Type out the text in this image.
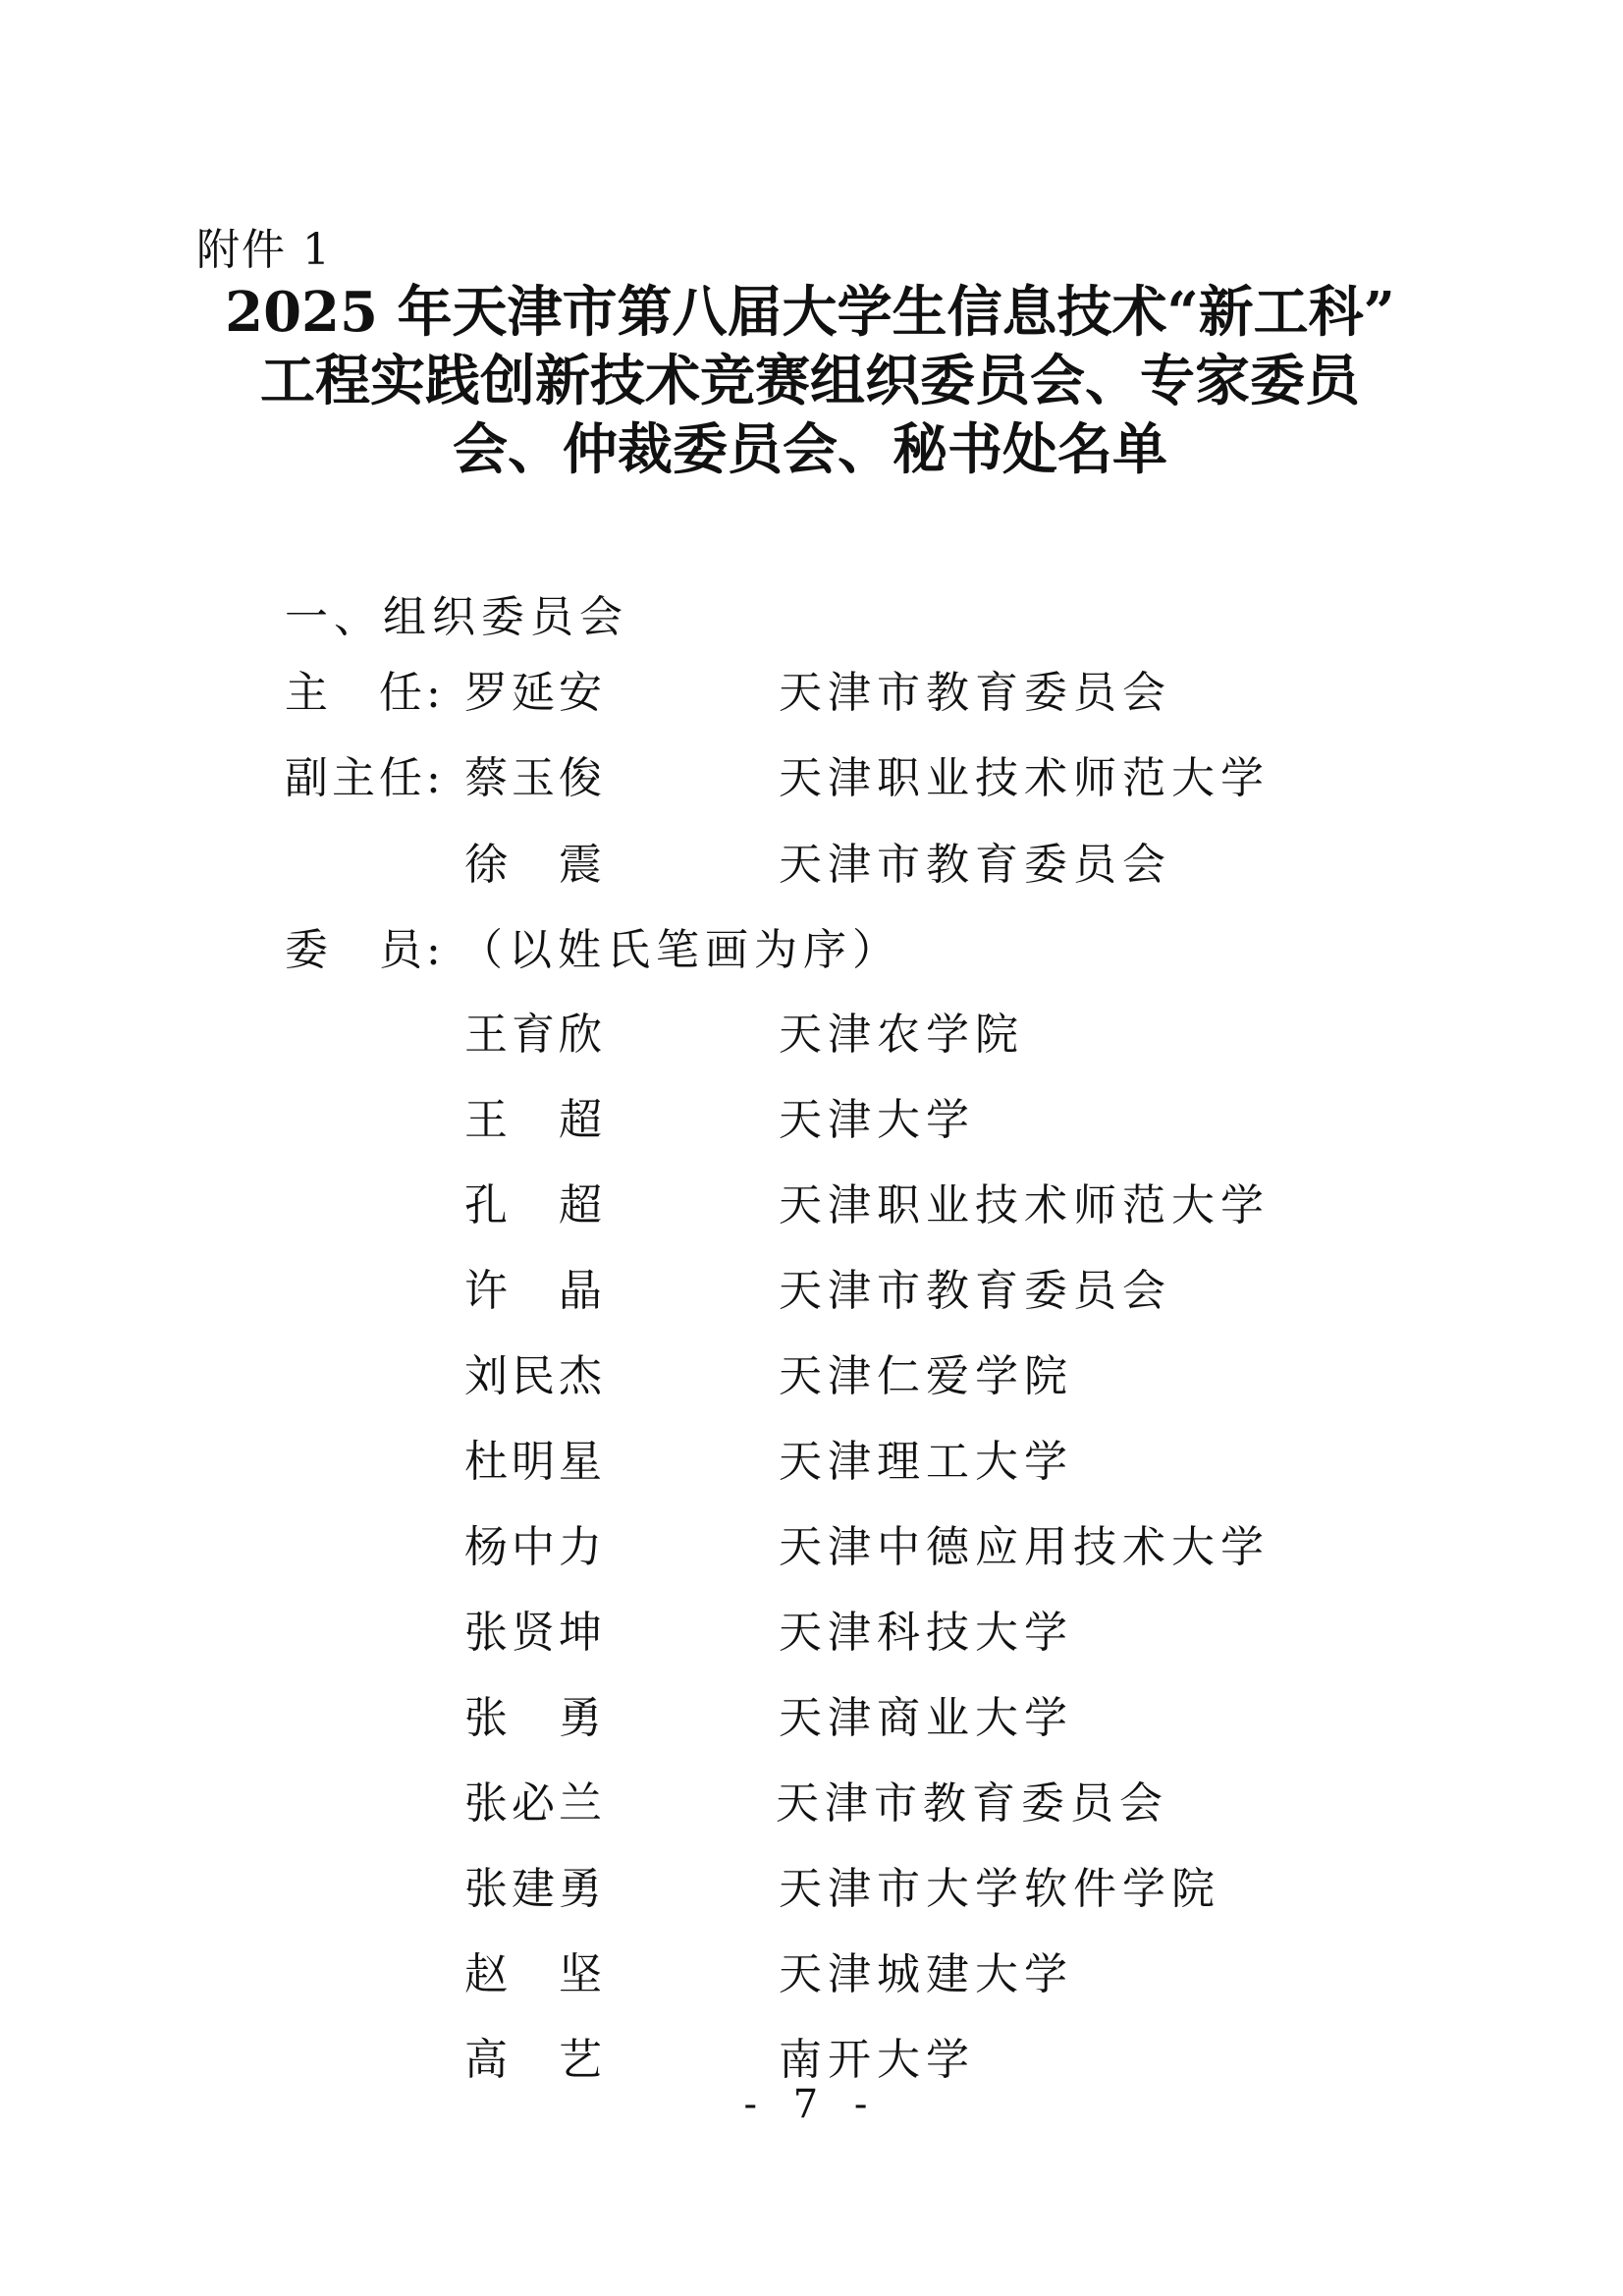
附件 1
2025 年天津市第八届大学生信息技术“新工科”
工程实践创新技术竞赛组织委员会、专家委员
会、仲裁委员会、秘书处名单
一、组织委员会
主　任: 罗延安	天津市教育委员会
副主任: 蔡玉俊	天津职业技术师范大学
徐　震	天津市教育委员会
委　员: （以姓氏笔画为序）
王育欣	天津农学院
王　超	天津大学
孔　超	天津职业技术师范大学
许　晶	天津市教育委员会
刘民杰	天津仁爱学院
杜明星	天津理工大学
杨中力	天津中德应用技术大学
张贤坤	天津科技大学
张　勇	天津商业大学
张必兰	天津市教育委员会
张建勇	天津市大学软件学院
赵　坚	天津城建大学
高　艺	南开大学
- 7 -
